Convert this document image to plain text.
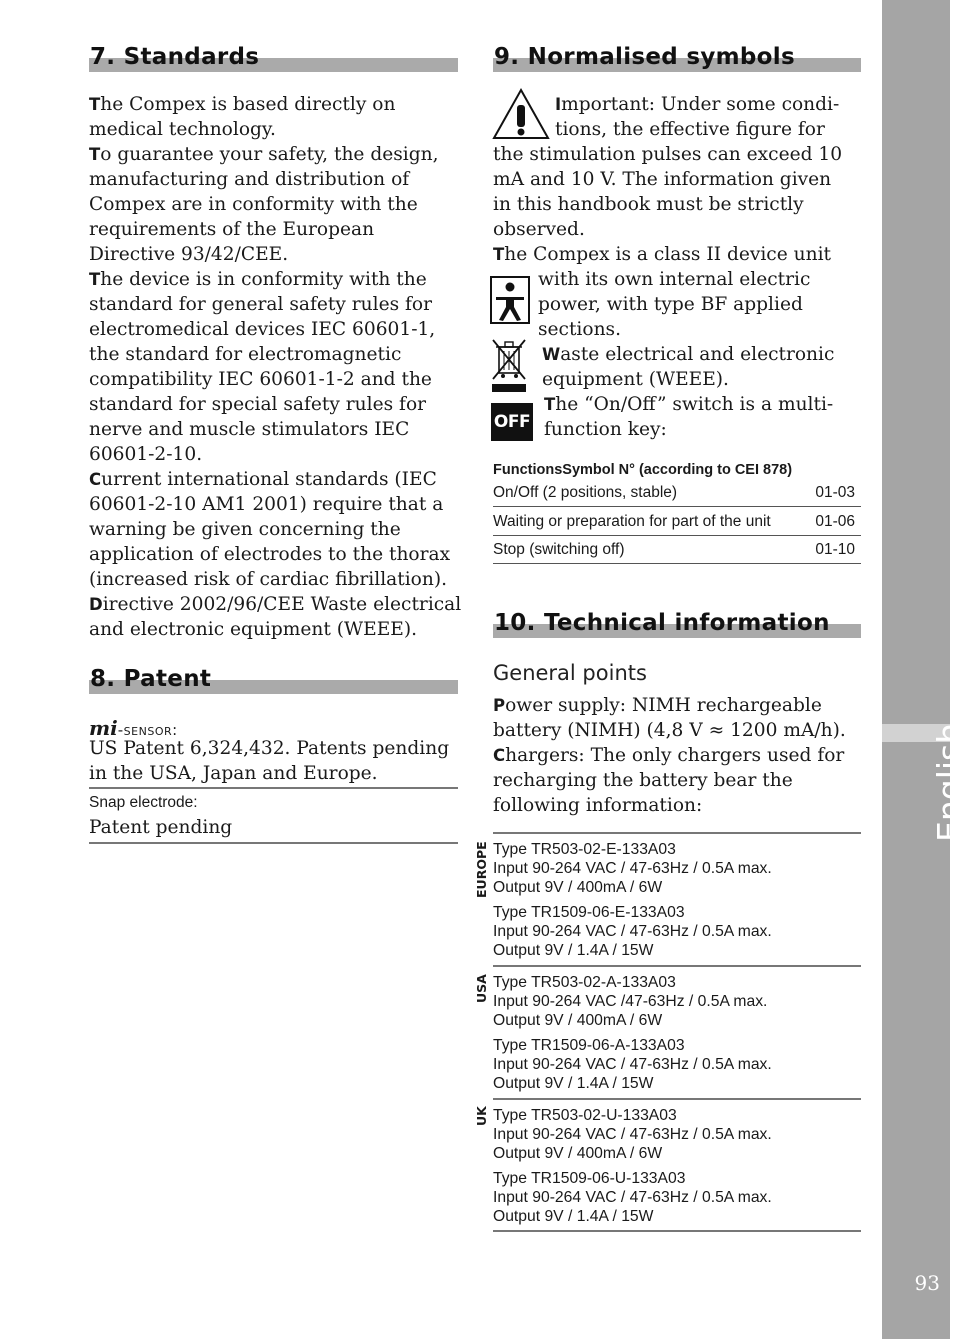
7. Standards
The Compex is based directly on
medical technology.
To guarantee your safety, the design,
manufacturing and distribution of
Compex are in conformity with the
requirements of the European
Directive 93/42/CEE.
The device is in conformity with the
standard for general safety rules for
electromedical devices IEC 60601-1,
the standard for electromagnetic
compatibility IEC 60601-1-2 and the
standard for special safety rules for
nerve and muscle stimulators IEC
60601-2-10.
Current international standards (IEC
60601-2-10 AM1 2001) require that a
warning be given concerning the
application of electrodes to the thorax
(increased risk of cardiac fibrillation).
Directive 2002/96/CEE Waste electrical
and electronic equipment (WEEE).
8. Patent
mi-sensor:
US Patent 6,324,432. Patents pending
in the USA, Japan and Europe.
Snap electrode:
Patent pending
9. Normalised symbols
Important: Under some condi-
tions, the effective figure for
the stimulation pulses can exceed 10
mA and 10 V. The information given
in this handbook must be strictly
observed.
The Compex is a class II device unit
with its own internal electric
power, with type BF applied
sections.
Waste electrical and electronic
equipment (WEEE).
OFF
The “On/Off” switch is a multi-
function key:
FunctionsSymbol N° (according to CEI 878)
On/Off (2 positions, stable)	01-03
Waiting or preparation for part of the unit	01-06
Stop (switching off)	01-10
10. Technical information
General points
Power supply: NIMH rechargeable
battery (NIMH) (4,8 V ≈ 1200 mA/h).
Chargers: The only chargers used for
recharging the battery bear the
following information:
EUROPE Type TR503-02-E-133A03
Input 90-264 VAC / 47-63Hz / 0.5A max.
Output 9V / 400mA / 6W
Type TR1509-06-E-133A03
Input 90-264 VAC / 47-63Hz / 0.5A max.
Output 9V / 1.4A / 15W
USA Type TR503-02-A-133A03
Input 90-264 VAC /47-63Hz / 0.5A max.
Output 9V / 400mA / 6W
Type TR1509-06-A-133A03
Input 90-264 VAC / 47-63Hz / 0.5A max.
Output 9V / 1.4A / 15W
UK Type TR503-02-U-133A03
Input 90-264 VAC / 47-63Hz / 0.5A max.
Output 9V / 400mA / 6W
Type TR1509-06-U-133A03
Input 90-264 VAC / 47-63Hz / 0.5A max.
Output 9V / 1.4A / 15W
English
93
